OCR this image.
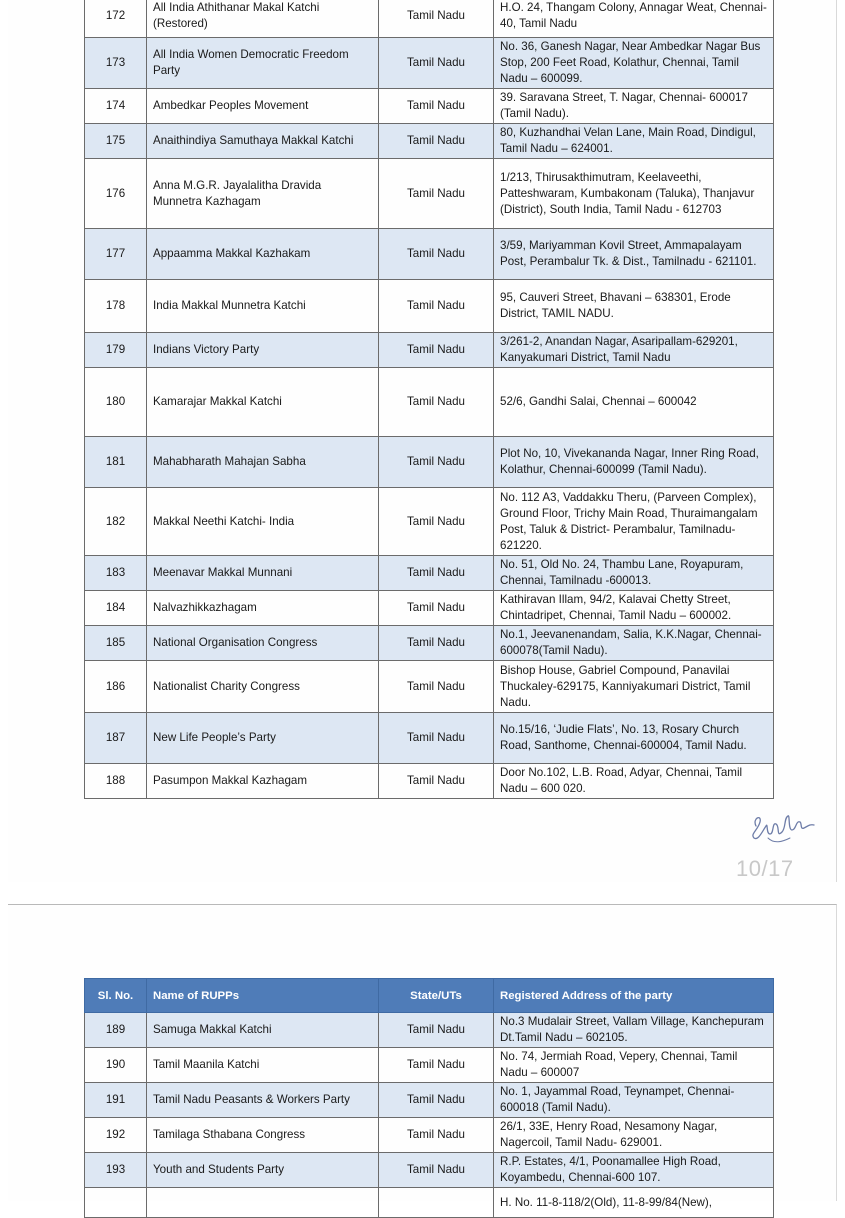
172	All India Athithanar Makal Katchi (Restored)	Tamil Nadu	H.O. 24, Thangam Colony, Annagar Weat, Chennai-40, Tamil Nadu
173	All India Women Democratic Freedom Party	Tamil Nadu	No. 36, Ganesh Nagar, Near Ambedkar Nagar Bus Stop, 200 Feet Road, Kolathur, Chennai, Tamil Nadu – 600099.
174	Ambedkar Peoples Movement	Tamil Nadu	39. Saravana Street, T. Nagar, Chennai- 600017 (Tamil Nadu).
175	Anaithindiya Samuthaya Makkal Katchi	Tamil Nadu	80, Kuzhandhai Velan Lane, Main Road, Dindigul, Tamil Nadu – 624001.
176	Anna M.G.R. Jayalalitha Dravida Munnetra Kazhagam	Tamil Nadu	1/213, Thirusakthimutram, Keelaveethi, Patteshwaram, Kumbakonam (Taluka), Thanjavur (District), South India, Tamil Nadu - 612703
177	Appaamma Makkal Kazhakam	Tamil Nadu	3/59, Mariyamman Kovil Street, Ammapalayam Post, Perambalur Tk. & Dist., Tamilnadu - 621101.
178	India Makkal Munnetra Katchi	Tamil Nadu	95, Cauveri Street, Bhavani – 638301, Erode District, TAMIL NADU.
179	Indians Victory Party	Tamil Nadu	3/261-2, Anandan Nagar, Asaripallam-629201, Kanyakumari District, Tamil Nadu
180	Kamarajar Makkal Katchi	Tamil Nadu	52/6, Gandhi Salai, Chennai – 600042
181	Mahabharath Mahajan Sabha	Tamil Nadu	Plot No, 10, Vivekananda Nagar, Inner Ring Road, Kolathur, Chennai-600099 (Tamil Nadu).
182	Makkal Neethi Katchi- India	Tamil Nadu	No. 112 A3, Vaddakku Theru, (Parveen Complex), Ground Floor, Trichy Main Road, Thuraimangalam Post, Taluk & District- Perambalur, Tamilnadu-621220.
183	Meenavar Makkal Munnani	Tamil Nadu	No. 51, Old No. 24, Thambu Lane, Royapuram, Chennai, Tamilnadu -600013.
184	Nalvazhikkazhagam	Tamil Nadu	Kathiravan Illam, 94/2, Kalavai Chetty Street, Chintadripet, Chennai, Tamil Nadu – 600002.
185	National Organisation Congress	Tamil Nadu	No.1, Jeevanenandam, Salia, K.K.Nagar, Chennai-600078(Tamil Nadu).
186	Nationalist Charity Congress	Tamil Nadu	Bishop House, Gabriel Compound, Panavilai Thuckaley-629175, Kanniyakumari District, Tamil Nadu.
187	New Life People’s Party	Tamil Nadu	No.15/16, ‘Judie Flats’, No. 13, Rosary Church Road, Santhome, Chennai-600004, Tamil Nadu.
188	Pasumpon Makkal Kazhagam	Tamil Nadu	Door No.102, L.B. Road, Adyar, Chennai, Tamil Nadu – 600 020.
10/17
Sl. No.	Name of RUPPs	State/UTs	Registered Address of the party
189	Samuga Makkal Katchi	Tamil Nadu	No.3 Mudalair Street, Vallam Village, Kanchepuram Dt.Tamil Nadu – 602105.
190	Tamil Maanila Katchi	Tamil Nadu	No. 74, Jermiah Road, Vepery, Chennai, Tamil Nadu – 600007
191	Tamil Nadu Peasants & Workers Party	Tamil Nadu	No. 1, Jayammal Road, Teynampet, Chennai-600018 (Tamil Nadu).
192	Tamilaga Sthabana Congress	Tamil Nadu	26/1, 33E, Henry Road, Nesamony Nagar, Nagercoil, Tamil Nadu- 629001.
193	Youth and Students Party	Tamil Nadu	R.P. Estates, 4/1, Poonamallee High Road, Koyambedu, Chennai-600 107.
			H. No. 11-8-118/2(Old), 11-8-99/84(New),
